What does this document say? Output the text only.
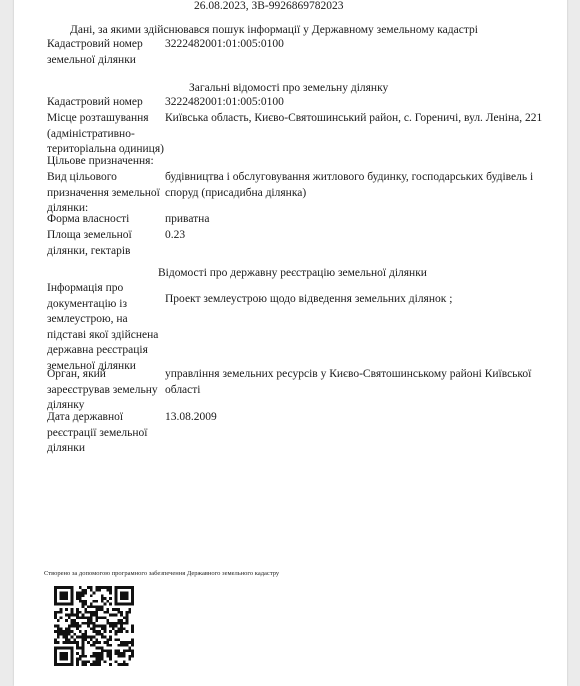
26.08.2023, ЗВ-9926869782023
Дані, за якими здійснювався пошук інформації у Державному земельному кадастрі
Кадастровий номер земельної ділянки
3222482001:01:005:0100
Загальні відомості про земельну ділянку
Кадастровий номер	3222482001:01:005:0100
Місце розташування (адміністративно-територіальна одиниця)
Київська область, Києво-Святошинський район, с. Гореничі, вул. Леніна, 221
Цільове призначення:
Вид цільового призначення земельної ділянки:
будівництва і обслуговування житлового будинку, господарських будівель і споруд (присадибна ділянка)
Форма власності	приватна
Площа земельної ділянки, гектарів
0.23
Відомості про державну реєстрацію земельної ділянки
Інформація про документацію із землеустрою, на підставі якої здійснена державна реєстрація земельної ділянки
Проект землеустрою щодо відведення земельних ділянок ;
Орган, який зареєстрував земельну ділянку
управління земельних ресурсів у Києво-Святошинському районі Київської області
Дата державної реєстрації земельної ділянки
13.08.2009
Створено за допомогою програмного забезпечення Державного земельного кадастру
